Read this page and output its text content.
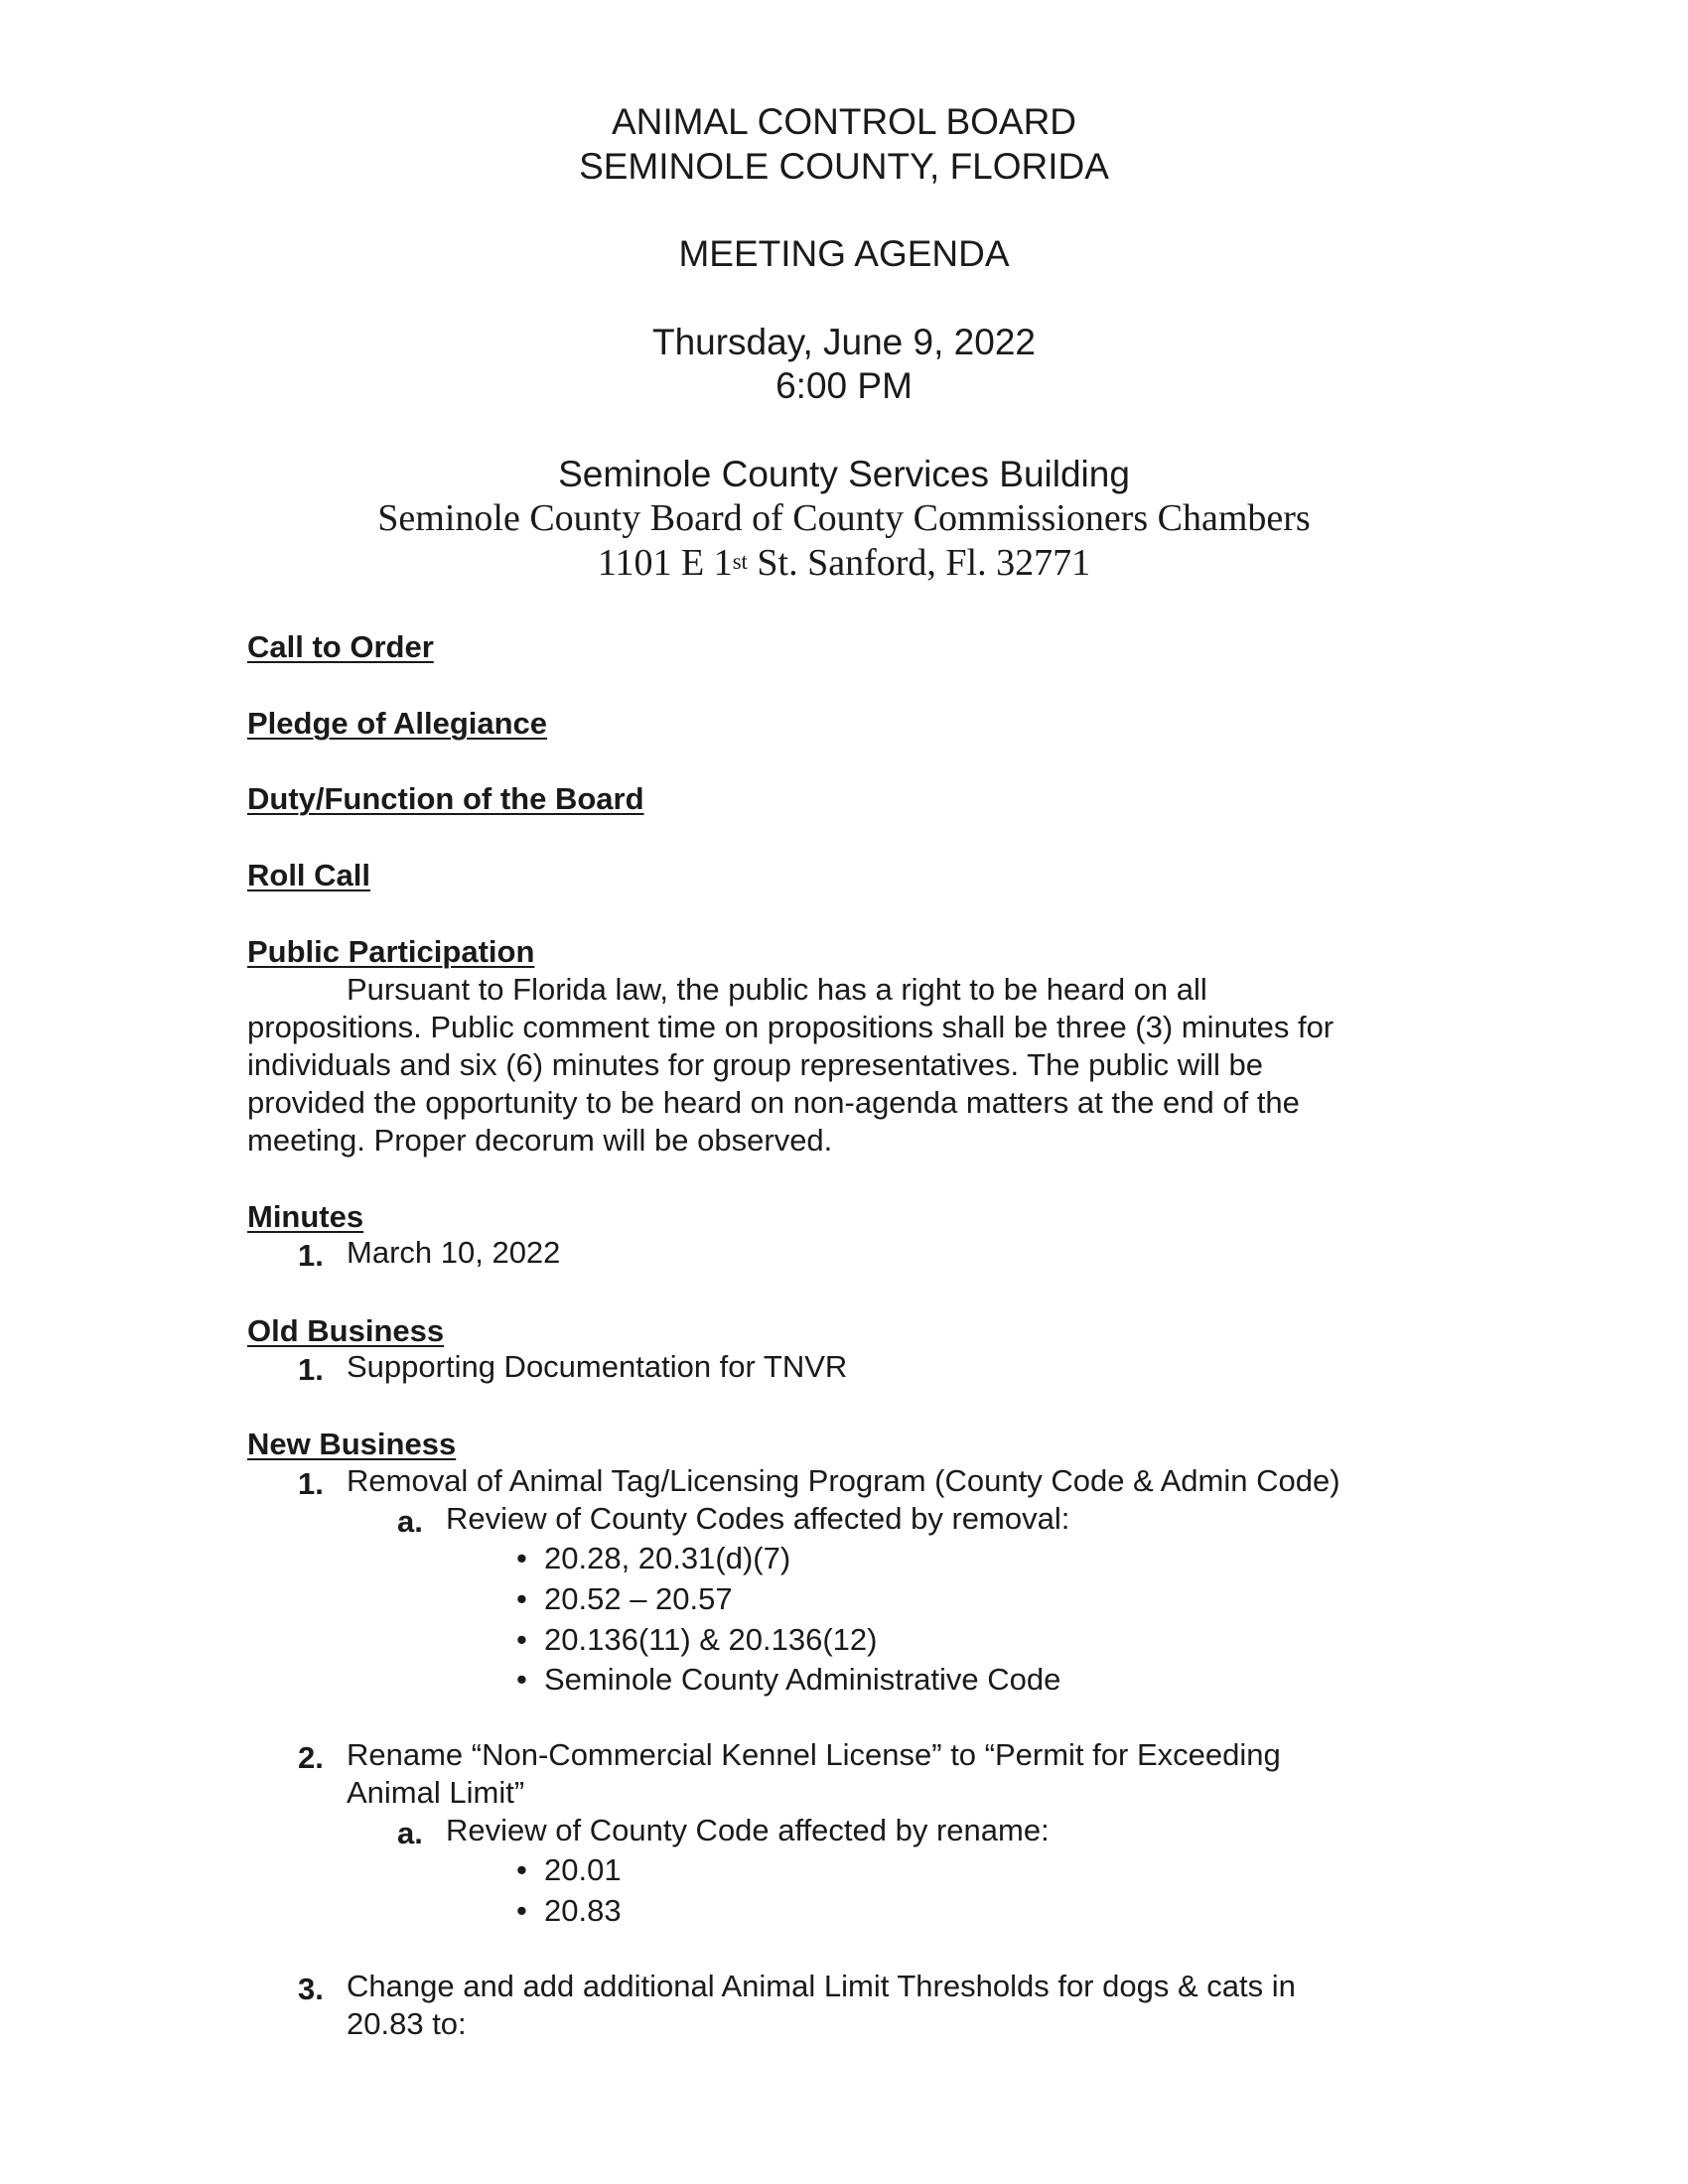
ANIMAL CONTROL BOARD
SEMINOLE COUNTY, FLORIDA
MEETING AGENDA
Thursday, June 9, 2022
6:00 PM
Seminole County Services Building
Seminole County Board of County Commissioners Chambers
1101 E 1st St. Sanford, Fl. 32771
Call to Order
Pledge of Allegiance
Duty/Function of the Board
Roll Call
Public Participation
Pursuant to Florida law, the public has a right to be heard on all
propositions. Public comment time on propositions shall be three (3) minutes for
individuals and six (6) minutes for group representatives. The public will be
provided the opportunity to be heard on non-agenda matters at the end of the
meeting. Proper decorum will be observed.
Minutes
1. March 10, 2022
Old Business
1. Supporting Documentation for TNVR
New Business
1. Removal of Animal Tag/Licensing Program (County Code & Admin Code)
a. Review of County Codes affected by removal:
• 20.28, 20.31(d)(7)
• 20.52 – 20.57
• 20.136(11) & 20.136(12)
• Seminole County Administrative Code
2. Rename “Non-Commercial Kennel License” to “Permit for Exceeding
Animal Limit”
a. Review of County Code affected by rename:
• 20.01
• 20.83
3. Change and add additional Animal Limit Thresholds for dogs & cats in
20.83 to:
